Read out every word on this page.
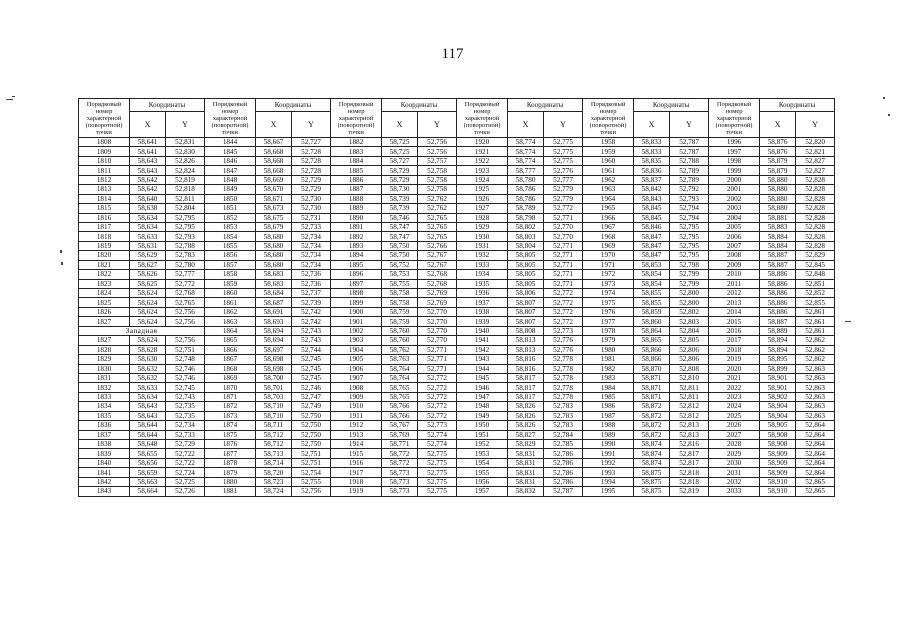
117
Порядковый номер характерной (поворотной) точки	Координаты		Порядковый номер характерной (поворотной) точки	Координаты		Порядковый номер характерной (поворотной) точки	Координаты		Порядковый номер характерной (поворотной) точки	Координаты		Порядковый номер характерной (поворотной) точки	Координаты		Порядковый номер характерной (поворотной) точки	Координаты	
	X	Y		X	Y		X	Y		X	Y		X	Y		X	Y
1808	58,641	52,831	1844	58,667	52,727	1882	58,725	52,756	1920	58,774	52,775	1958	58,833	52,787	1996	58,876	52,820
1809	58,641	52,830	1845	58,668	52,728	1883	58,725	52,756	1921	58,774	52,775	1959	58,833	52,787	1997	58,876	52,821
1810	58,643	52,826	1846	58,668	52,728	1884	58,727	52,757	1922	58,774	52,775	1960	58,835	52,788	1998	58,879	52,827
1811	58,643	52,824	1847	58,668	52,728	1885	58,729	52,758	1923	58,777	52,776	1961	58,836	52,789	1999	58,879	52,827
1812	58,642	52,819	1848	58,669	52,729	1886	58,729	52,758	1924	58,780	52,777	1962	58,837	52,789	2000	58,880	52,828
1813	58,642	52,818	1849	58,670	52,729	1887	58,730	52,758	1925	58,786	52,779	1963	58,842	52,792	2001	58,880	52,828
1814	58,640	52,811	1850	58,671	52,730	1888	58,739	52,762	1926	58,786	52,779	1964	58,843	52,793	2002	58,880	52,828
1815	58,638	52,804	1851	58,673	52,730	1889	58,739	52,762	1927	58,789	52,772	1965	58,845	52,794	2003	58,880	52,828
1816	58,634	52,795	1852	58,675	52,731	1890	58,746	52,765	1928	58,798	52,771	1966	58,845	52,794	2004	58,881	52,828
1817	58,634	52,795	1853	58,679	52,733	1891	58,747	52,765	1929	58,802	52,770	1967	58,846	52,795	2005	58,883	52,828
1818	58,633	52,793	1854	58,680	52,734	1892	58,747	52,765	1930	58,803	52,770	1968	58,847	52,795	2006	58,884	52,828
1819	58,631	52,788	1855	58,680	52,734	1893	58,750	52,766	1931	58,804	52,771	1969	58,847	52,795	2007	58,884	52,828
1820	58,629	52,783	1856	58,680	52,734	1894	58,750	52,767	1932	58,805	52,771	1970	58,847	52,795	2008	58,887	52,829
1821	58,627	52,780	1857	58,680	52,734	1895	58,752	52,767	1933	58,805	52,771	1971	58,853	52,798	2009	58,887	52,845
1822	58,626	52,777	1858	58,683	52,736	1896	58,753	52,768	1934	58,805	52,771	1972	58,854	52,799	2010	58,886	52,848
1823	58,625	52,772	1859	58,683	52,736	1897	58,755	52,768	1935	58,805	52,771	1973	58,854	52,799	2011	58,886	52,851
1824	58,624	52,768	1860	58,684	52,737	1898	58,758	52,769	1936	58,806	52,772	1974	58,855	52,800	2012	58,886	52,852
1825	58,624	52,765	1861	58,687	52,739	1899	58,758	52,769	1937	58,807	52,772	1975	58,855	52,800	2013	58,886	52,855
1826	58,624	52,756	1862	58,691	52,742	1900	58,759	52,770	1938	58,807	52,772	1976	58,859	52,802	2014	58,886	52,861
1827	58,624	52,756	1863	58,693	52,742	1901	58,759	52,770	1939	58,807	52,772	1977	58,860	52,803	2015	58,887	52,861
Западная			1864	58,694	52,743	1902	58,760	52,770	1940	58,808	52,773	1978	58,864	52,804	2016	58,889	52,861
1827	58,624	52,756	1865	58,694	52,743	1903	58,760	52,770	1941	58,813	52,776	1979	58,865	52,805	2017	58,894	52,862
1828	58,628	52,751	1866	58,697	52,744	1904	58,762	52,771	1942	58,813	52,776	1980	58,866	52,806	2018	58,894	52,862
1829	58,630	52,748	1867	58,698	52,745	1905	58,763	52,771	1943	58,816	52,778	1981	58,866	52,806	2019	58,895	52,862
1830	58,632	52,746	1868	58,698	52,745	1906	58,764	52,771	1944	58,816	52,778	1982	58,870	52,808	2020	58,899	52,863
1831	58,632	52,746	1869	58,700	52,745	1907	58,764	52,772	1945	58,817	52,778	1983	58,871	52,810	2021	58,901	52,863
1832	58,633	52,745	1870	58,701	52,746	1908	58,765	52,772	1946	58,817	52,778	1984	58,871	52,811	2022	58,901	52,863
1833	58,634	52,743	1871	58,703	52,747	1909	58,765	52,772	1947	58,817	52,778	1985	58,871	52,811	2023	58,902	52,863
1834	58,643	52,735	1872	58,710	52,749	1910	58,766	52,772	1948	58,826	52,783	1986	58,872	52,812	2024	58,904	52,863
1835	58,643	52,735	1873	58,710	52,750	1911	58,766	52,772	1949	58,826	52,783	1987	58,872	52,812	2025	58,904	52,863
1836	58,644	52,734	1874	58,711	52,750	1912	58,767	52,773	1950	58,826	52,783	1988	58,872	52,813	2026	58,905	52,864
1837	58,644	52,733	1875	58,712	52,750	1913	58,769	52,774	1951	58,827	52,784	1989	58,872	52,813	2027	58,908	52,864
1838	58,648	52,729	1876	58,712	52,750	1914	58,771	52,774	1952	58,829	52,785	1990	58,874	52,816	2028	58,908	52,864
1839	58,655	52,722	1877	58,713	52,751	1915	58,772	52,775	1953	58,831	52,786	1991	58,874	52,817	2029	58,909	52,864
1840	58,656	52,722	1878	58,714	52,751	1916	58,772	52,775	1954	58,831	52,786	1992	58,874	52,817	2030	58,909	52,864
1841	58,659	52,724	1879	58,720	52,754	1917	58,773	52,775	1955	58,831	52,786	1993	58,875	52,818	2031	58,909	52,864
1842	58,663	52,725	1880	58,723	52,755	1918	58,773	52,775	1956	58,831	52,786	1994	58,875	52,818	2032	58,910	52,865
1843	58,664	52,726	1881	58,724	52,756	1919	58,773	52,775	1957	58,832	52,787	1995	58,875	52,819	2033	58,910	52,865
